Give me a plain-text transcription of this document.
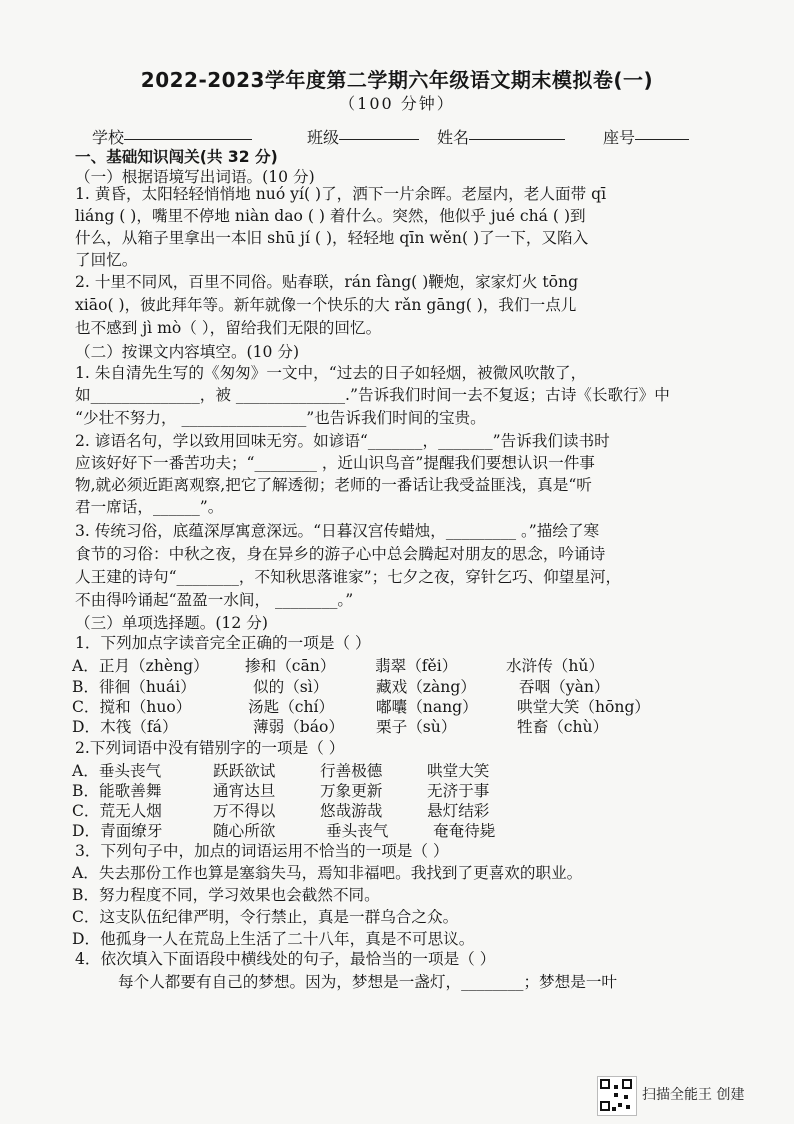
2022-2023学年度第二学期六年级语文期末模拟卷(一)
（100 分钟）
学校	班级	姓名	座号
一、基础知识闯关(共 32 分)
（一）根据语境写出词语。(10 分)
1. 黄昏，太阳轻轻悄悄地 nuó yí( )了，洒下一片余晖。老屋内，老人面带 qī
liáng ( )，嘴里不停地 niàn dao ( ) 着什么。突然，他似乎 jué chá ( )到
什么，从箱子里拿出一本旧 shū jí ( )，轻轻地 qīn wěn( )了一下，又陷入
了回忆。
2. 十里不同风，百里不同俗。贴春联，rán fàng( )鞭炮，家家灯火 tōng
xiāo( )，彼此拜年等。新年就像一个快乐的大 rǎn gāng( )，我们一点儿
也不感到 jì mò（ ），留给我们无限的回忆。
（二）按课文内容填空。(10 分)
1. 朱自清先生写的《匆匆》一文中，“过去的日子如轻烟，被微风吹散了，
如______________，被 ______________.”告诉我们时间一去不复返；古诗《长歌行》中
“少壮不努力， ________________”也告诉我们时间的宝贵。
2. 谚语名句，学以致用回味无穷。如谚语“_______，_______”告诉我们读书时
应该好好下一番苦功夫；“________ ，近山识鸟音”提醒我们要想认识一件事
物,就必须近距离观察,把它了解透彻；老师的一番话让我受益匪浅，真是“听
君一席话，______”。
3. 传统习俗，底蕴深厚寓意深远。“日暮汉宫传蜡烛，_________ 。”描绘了寒
食节的习俗：中秋之夜，身在异乡的游子心中总会腾起对朋友的思念，吟诵诗
人王建的诗句“________，不知秋思落谁家”；七夕之夜，穿针乞巧、仰望星河，
不由得吟诵起“盈盈一水间， ________。”
（三）单项选择题。(12 分)
1．下列加点字读音完全正确的一项是（ ）
A．正月（zhèng） 掺和（cān）	翡翠（fěi）	水浒传（hǔ）
B．徘徊（huái）	似的（sì）	藏戏（zàng）	吞咽（yàn）
C．搅和（huo）	汤匙（chí）	嘟囔（nang）	哄堂大笑（hōng）
D．木筏（fá）	薄弱（báo） 栗子（sù）	牲畜（chù）
2.下列词语中没有错别字的一项是（ ）
A．垂头丧气	跃跃欲试	行善极德	哄堂大笑
B．能歌善舞	通宵达旦	万象更新	无济于事
C．荒无人烟	万不得以	悠哉游哉	悬灯结彩
D．青面缭牙	随心所欲	垂头丧气	奄奄待毙
3．下列句子中，加点的词语运用不恰当的一项是（ ）
A．失去那份工作也算是塞翁失马，焉知非福吧。我找到了更喜欢的职业。
B．努力程度不同，学习效果也会截然不同。
C．这支队伍纪律严明，令行禁止，真是一群乌合之众。
D．他孤身一人在荒岛上生活了二十八年，真是不可思议。
4．依次填入下面语段中横线处的句子，最恰当的一项是（ ）
每个人都要有自己的梦想。因为，梦想是一盏灯，________；梦想是一叶
扫描全能王 创建
